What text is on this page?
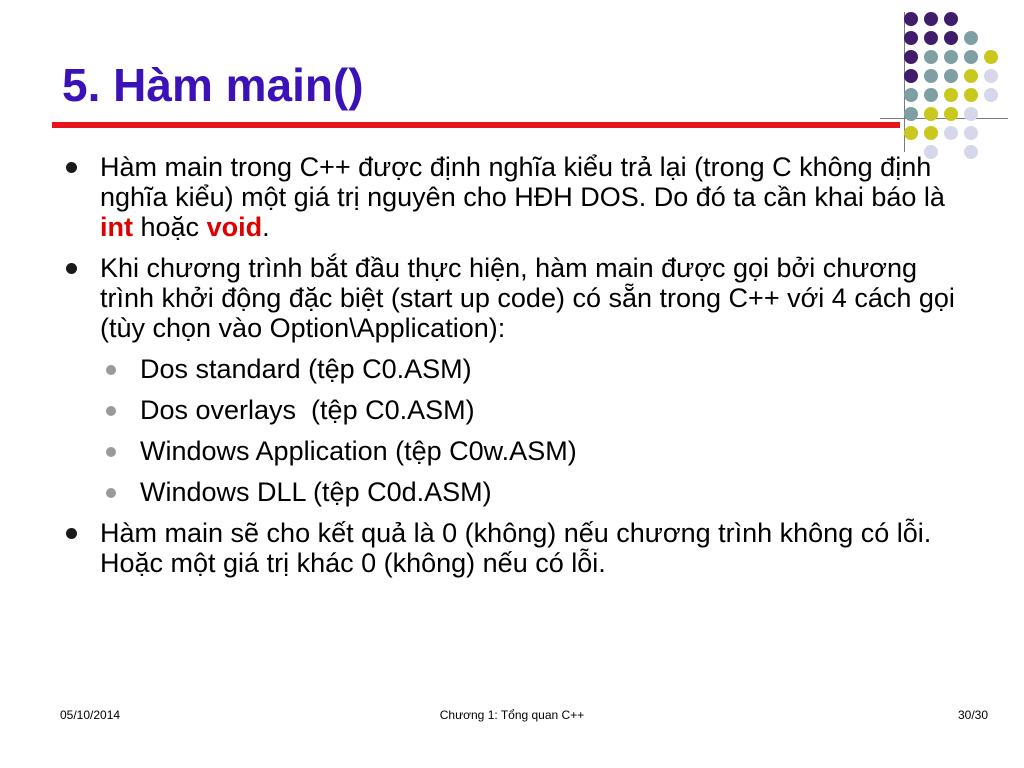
5. Hàm main()
Hàm main trong C++ được định nghĩa kiểu trả lại (trong C không định nghĩa kiểu) một giá trị nguyên cho HĐH DOS. Do đó ta cần khai báo là int hoặc void.
Khi chương trình bắt đầu thực hiện, hàm main được gọi bởi chương trình khởi động đặc biệt (start up code) có sẵn trong C++ với 4 cách gọi (tùy chọn vào Option\Application):
Dos standard (tệp C0.ASM)
Dos overlays  (tệp C0.ASM)
Windows Application (tệp C0w.ASM)
Windows DLL (tệp C0d.ASM)
Hàm main sẽ cho kết quả là 0 (không) nếu chương trình không có lỗi. Hoặc một giá trị khác 0 (không) nếu có lỗi.
05/10/2014	Chương 1: Tổng quan C++	30/30
